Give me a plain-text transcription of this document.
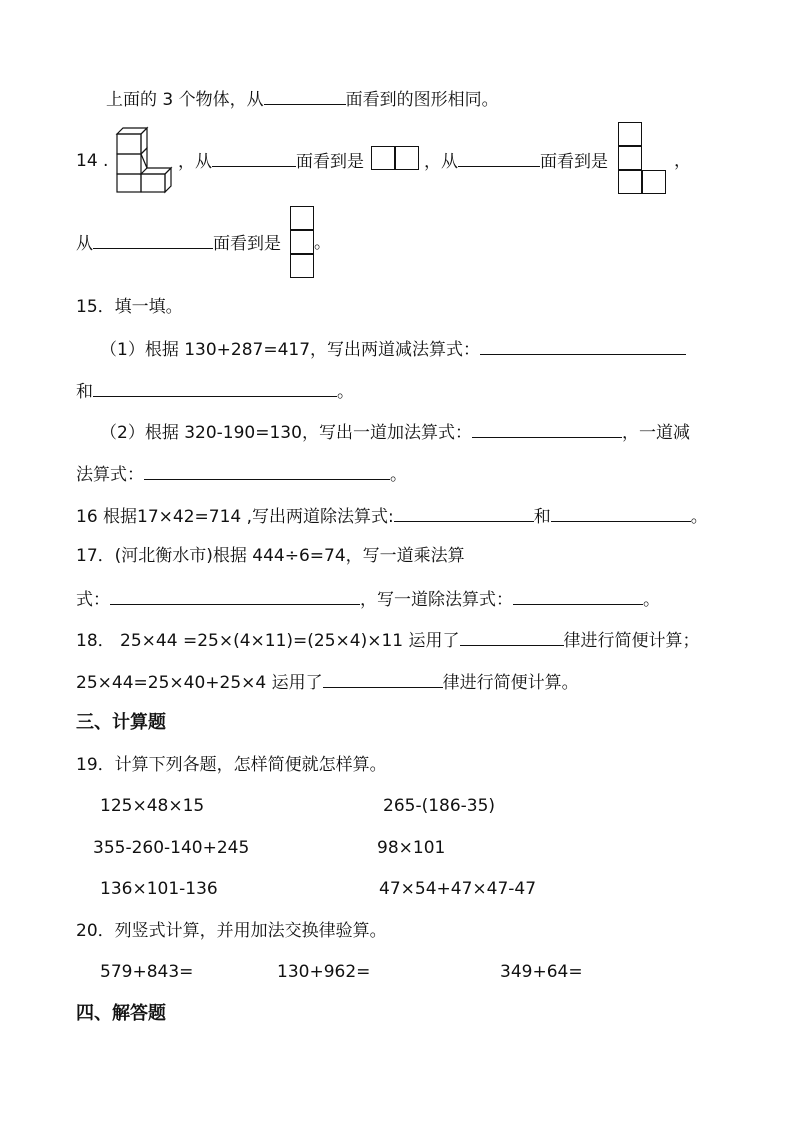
上面的 3 个物体，从	面看到的图形相同。
14 .	，从	面看到是	，从	面看到是	，
从	面看到是 。
15．填一填。
（1）根据 130+287=417，写出两道减法算式：
和	。
（2）根据 320-190=130，写出一道加法算式：	，一道减
法算式：	。
16 根据17×42=714 ,写出两道除法算式:	和	。
17．(河北衡水市)根据 444÷6=74，写一道乘法算
式：	，写一道除法算式：	。
18． 25×44 =25×(4×11)=(25×4)×11 运用了	律进行简便计算；
25×44=25×40+25×4 运用了	律进行简便计算。
三、计算题
19．计算下列各题，怎样简便就怎样算。
125×48×15	265-(186-35)
355-260-140+245	98×101
136×101-136	47×54+47×47-47
20．列竖式计算，并用加法交换律验算。
579+843=	130+962=	349+64=
四、解答题
